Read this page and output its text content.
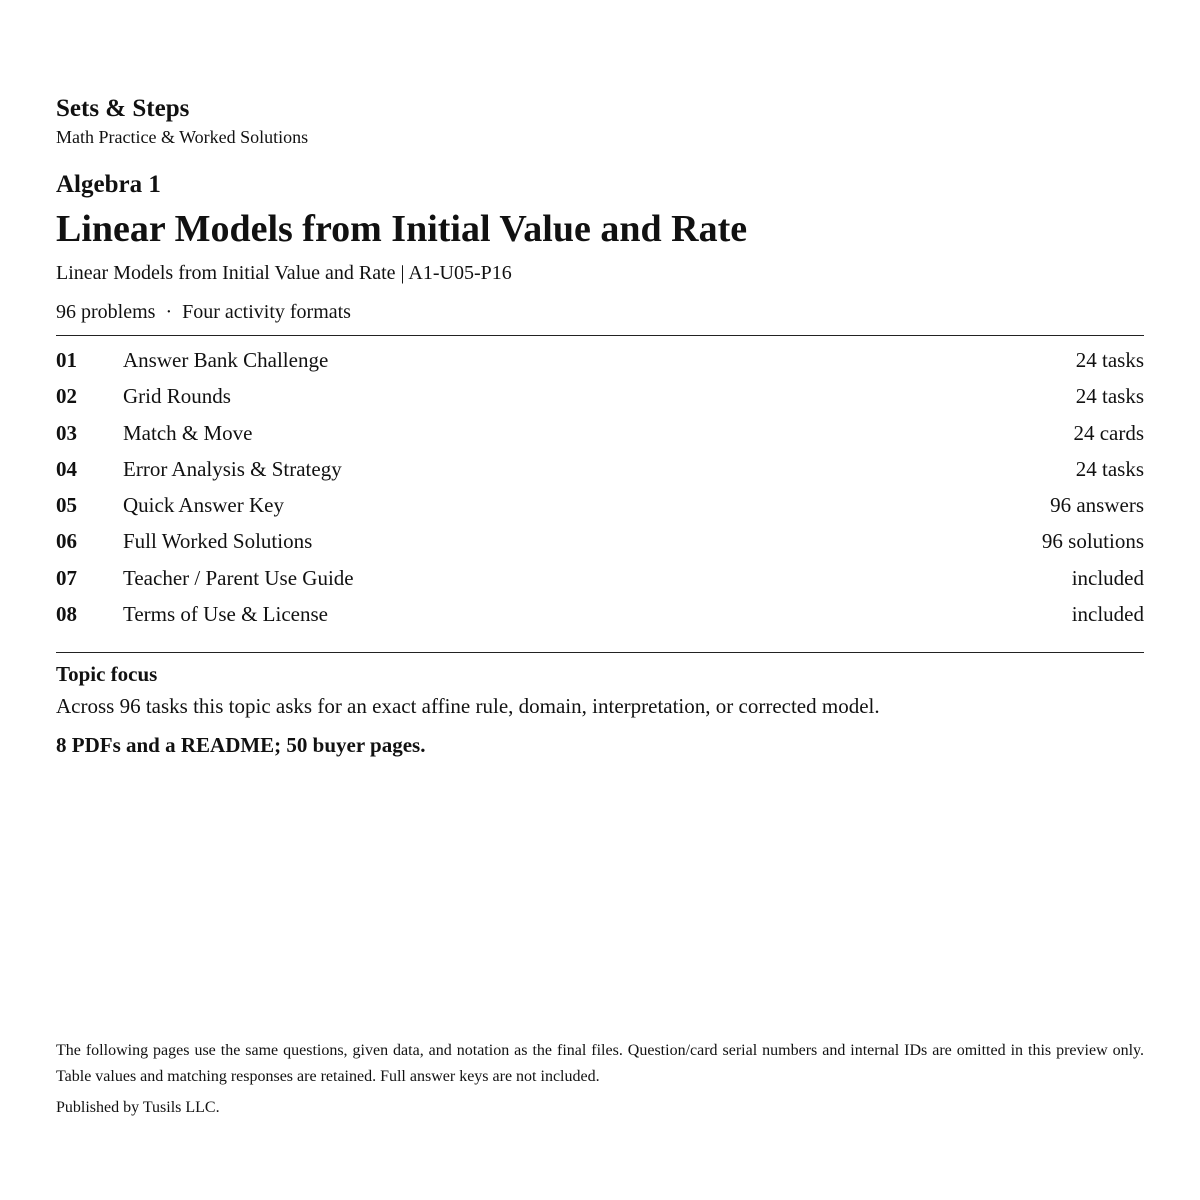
Sets & Steps
Math Practice & Worked Solutions
Algebra 1
Linear Models from Initial Value and Rate
Linear Models from Initial Value and Rate | A1-U05-P16
96 problems · Four activity formats
01 Answer Bank Challenge	24 tasks
02 Grid Rounds	24 tasks
03 Match & Move	24 cards
04 Error Analysis & Strategy	24 tasks
05 Quick Answer Key	96 answers
06 Full Worked Solutions	96 solutions
07 Teacher / Parent Use Guide	included
08 Terms of Use & License	included
Topic focus
Across 96 tasks this topic asks for an exact affine rule, domain, interpretation, or corrected model.
8 PDFs and a README; 50 buyer pages.
The following pages use the same questions, given data, and notation as the final files. Question/card serial numbers and internal IDs are omitted in this preview only. Table values and matching responses are retained. Full answer keys are not included.
Published by Tusils LLC.
